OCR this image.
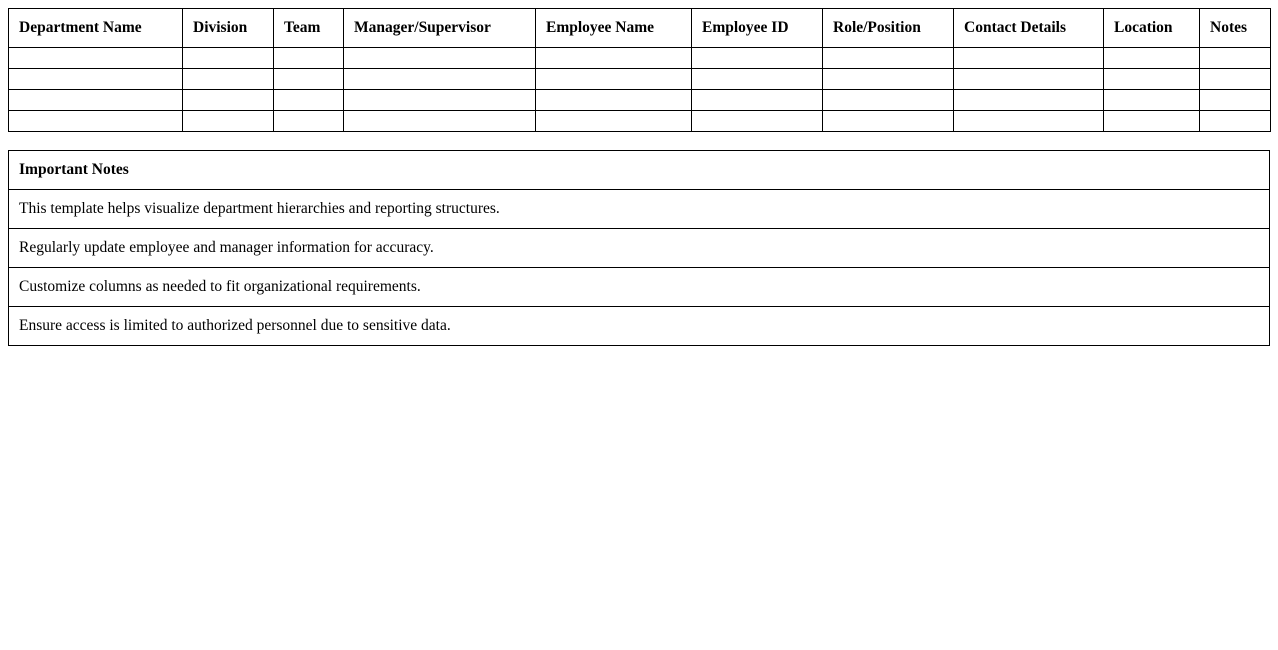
Department Name	Division	Team	Manager/Supervisor	Employee Name	Employee ID	Role/Position	Contact Details	Location	Notes

Important Notes
This template helps visualize department hierarchies and reporting structures.
Regularly update employee and manager information for accuracy.
Customize columns as needed to fit organizational requirements.
Ensure access is limited to authorized personnel due to sensitive data.
